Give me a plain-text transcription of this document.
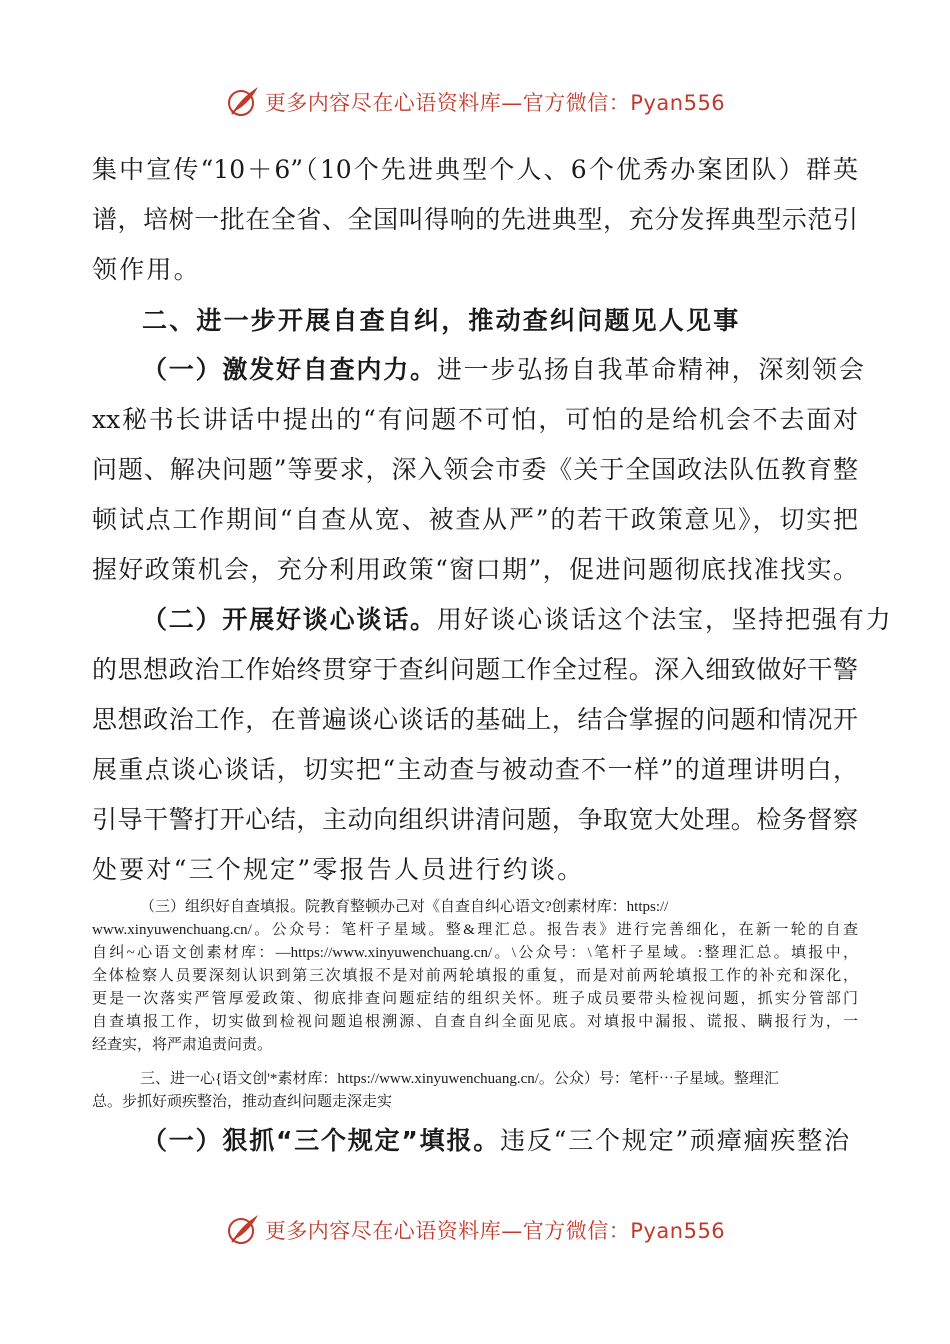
更多内容尽在心语资料库—官方微信：Pyan556
集中宣传“10＋6”（10个先进典型个人、6个优秀办案团队）群英
谱，培树一批在全省、全国叫得响的先进典型，充分发挥典型示范引
领作用。
二、进一步开展自查自纠，推动查纠问题见人见事
（一）激发好自查内力。进一步弘扬自我革命精神，深刻领会
xx秘书长讲话中提出的“有问题不可怕，可怕的是给机会不去面对
问题、解决问题”等要求，深入领会市委《关于全国政法队伍教育整
顿试点工作期间“自查从宽、被查从严”的若干政策意见》，切实把
握好政策机会，充分利用政策“窗口期”，促进问题彻底找准找实。
（二）开展好谈心谈话。用好谈心谈话这个法宝，坚持把强有力
的思想政治工作始终贯穿于查纠问题工作全过程。深入细致做好干警
思想政治工作，在普遍谈心谈话的基础上，结合掌握的问题和情况开
展重点谈心谈话，切实把“主动查与被动查不一样”的道理讲明白，
引导干警打开心结，主动向组织讲清问题，争取宽大处理。检务督察
处要对“三个规定”零报告人员进行约谈。
（三）组织好自查填报。院教育整顿办己对《自查自纠心语文?创素材库：https://
www.xinyuwenchuang.cn/。公众号：笔杆子星域。整&理汇总。报告表》进行完善细化，在新一轮的自查
自纠~心语文创素材库：—https://www.xinyuwenchuang.cn/。\公众号：\笔杆子星域。:整理汇总。填报中，
全体检察人员要深刻认识到第三次填报不是对前两轮填报的重复，而是对前两轮填报工作的补充和深化，
更是一次落实严管厚爱政策、彻底排查问题症结的组织关怀。班子成员要带头检视问题，抓实分管部门
自查填报工作，切实做到检视问题追根溯源、自查自纠全面见底。对填报中漏报、谎报、瞒报行为，一
经查实，将严肃追责问责。
三、进一心{语文创'*素材库：https://www.xinyuwenchuang.cn/。公众）号：笔杆⋯子星域。整理汇
总。步抓好顽疾整治，推动查纠问题走深走实
（一）狠抓“三个规定”填报。违反“三个规定”顽瘴痼疾整治
更多内容尽在心语资料库—官方微信：Pyan556
